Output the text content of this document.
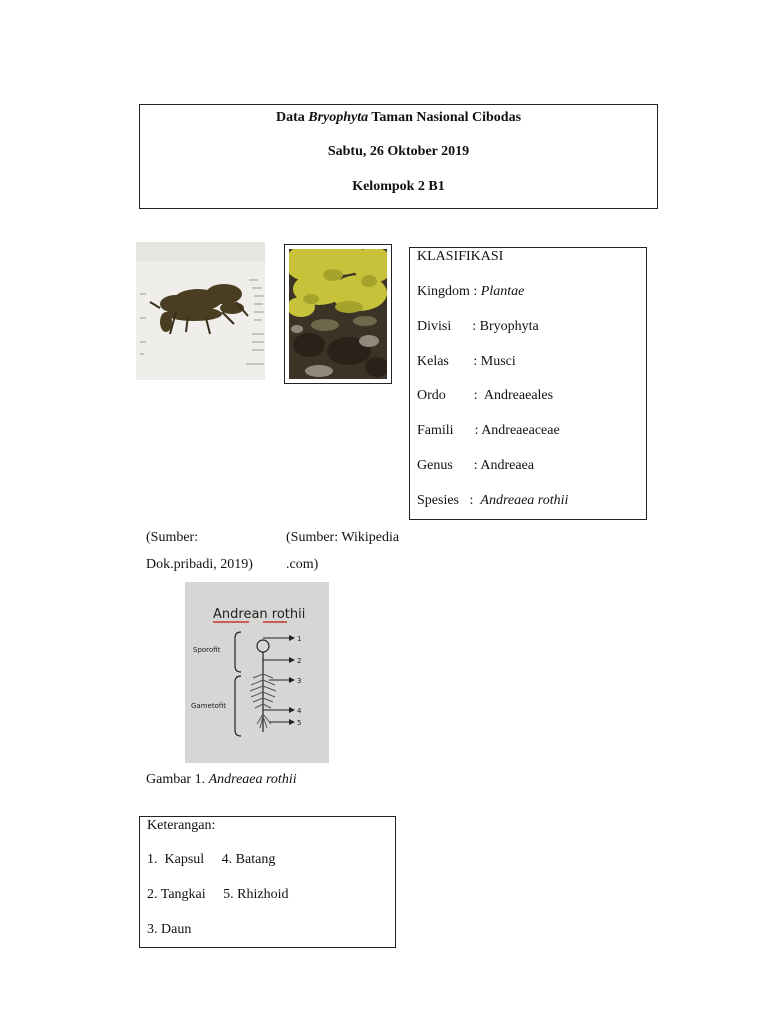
Data Bryophyta Taman Nasional Cibodas
Sabtu, 26 Oktober 2019
Kelompok 2 B1
KLASIFIKASI
Kingdom : Plantae
Divisi      : Bryophyta
Kelas       : Musci
Ordo        :  Andreaeales
Famili      : Andreaeaceae
Genus      : Andreaea
Spesies   :  Andreaea rothii
(Sumber:
Dok.pribadi, 2019)
(Sumber: Wikipedia
.com)
Andrean rothii
Sporofit
Gametofit
1
2
3
4
5
Gambar 1. Andreaea rothii
Keterangan:
1.  Kapsul     4. Batang
2. Tangkai     5. Rhizhoid
3. Daun
